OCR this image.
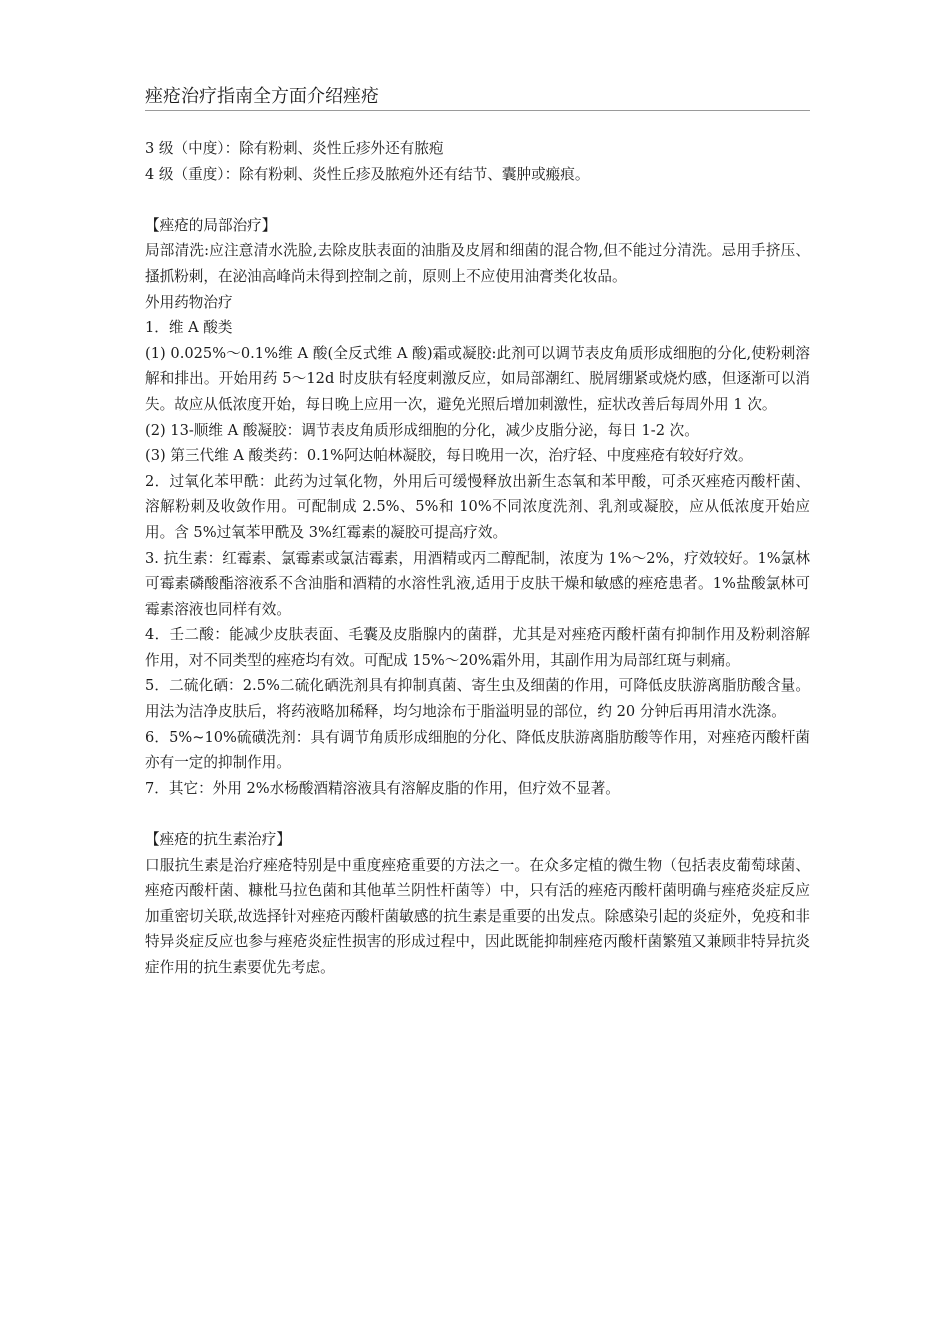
痤疮治疗指南全方面介绍痤疮

3 级（中度）：除有粉刺、炎性丘疹外还有脓疱

4 级（重度）：除有粉刺、炎性丘疹及脓疱外还有结节、囊肿或瘢痕。

【痤疮的局部治疗】

局部清洗:应注意清水洗脸,去除皮肤表面的油脂及皮屑和细菌的混合物,但不能过分清洗。忌用手挤压、搔抓粉刺，在泌油高峰尚未得到控制之前，原则上不应使用油膏类化妆品。

外用药物治疗

1．维 A 酸类

(1) 0.025%～0.1%维 A 酸(全反式维 A 酸)霜或凝胶:此剂可以调节表皮角质形成细胞的分化,使粉刺溶解和排出。开始用药 5～12d 时皮肤有轻度刺激反应，如局部潮红、脱屑绷紧或烧灼感，但逐渐可以消失。故应从低浓度开始，每日晚上应用一次，避免光照后增加刺激性，症状改善后每周外用 1 次。

(2) 13-顺维 A 酸凝胶：调节表皮角质形成细胞的分化，减少皮脂分泌，每日 1-2 次。

(3) 第三代维 A 酸类药：0.1%阿达帕林凝胶，每日晚用一次，治疗轻、中度痤疮有较好疗效。

2．过氧化苯甲酰：此药为过氧化物，外用后可缓慢释放出新生态氧和苯甲酸，可杀灭痤疮丙酸杆菌、溶解粉刺及收敛作用。可配制成 2.5%、5%和 10%不同浓度洗剂、乳剂或凝胶，应从低浓度开始应用。含 5%过氧苯甲酰及 3%红霉素的凝胶可提高疗效。

3. 抗生素：红霉素、氯霉素或氯洁霉素，用酒精或丙二醇配制，浓度为 1%～2%，疗效较好。1%氯林可霉素磷酸酯溶液系不含油脂和酒精的水溶性乳液,适用于皮肤干燥和敏感的痤疮患者。1%盐酸氯林可霉素溶液也同样有效。

4．壬二酸：能减少皮肤表面、毛囊及皮脂腺内的菌群，尤其是对痤疮丙酸杆菌有抑制作用及粉刺溶解作用，对不同类型的痤疮均有效。可配成 15%～20%霜外用，其副作用为局部红斑与刺痛。

5．二硫化硒：2.5%二硫化硒洗剂具有抑制真菌、寄生虫及细菌的作用，可降低皮肤游离脂肪酸含量。用法为洁净皮肤后，将药液略加稀释，均匀地涂布于脂溢明显的部位，约 20 分钟后再用清水洗涤。

6．5%~10%硫磺洗剂：具有调节角质形成细胞的分化、降低皮肤游离脂肪酸等作用，对痤疮丙酸杆菌亦有一定的抑制作用。

7．其它：外用 2%水杨酸酒精溶液具有溶解皮脂的作用，但疗效不显著。

【痤疮的抗生素治疗】

口服抗生素是治疗痤疮特别是中重度痤疮重要的方法之一。在众多定植的微生物（包括表皮葡萄球菌、痤疮丙酸杆菌、糠枇马拉色菌和其他革兰阴性杆菌等）中，只有活的痤疮丙酸杆菌明确与痤疮炎症反应加重密切关联,故选择针对痤疮丙酸杆菌敏感的抗生素是重要的出发点。除感染引起的炎症外，免疫和非特异炎症反应也参与痤疮炎症性损害的形成过程中，因此既能抑制痤疮丙酸杆菌繁殖又兼顾非特异抗炎症作用的抗生素要优先考虑。
